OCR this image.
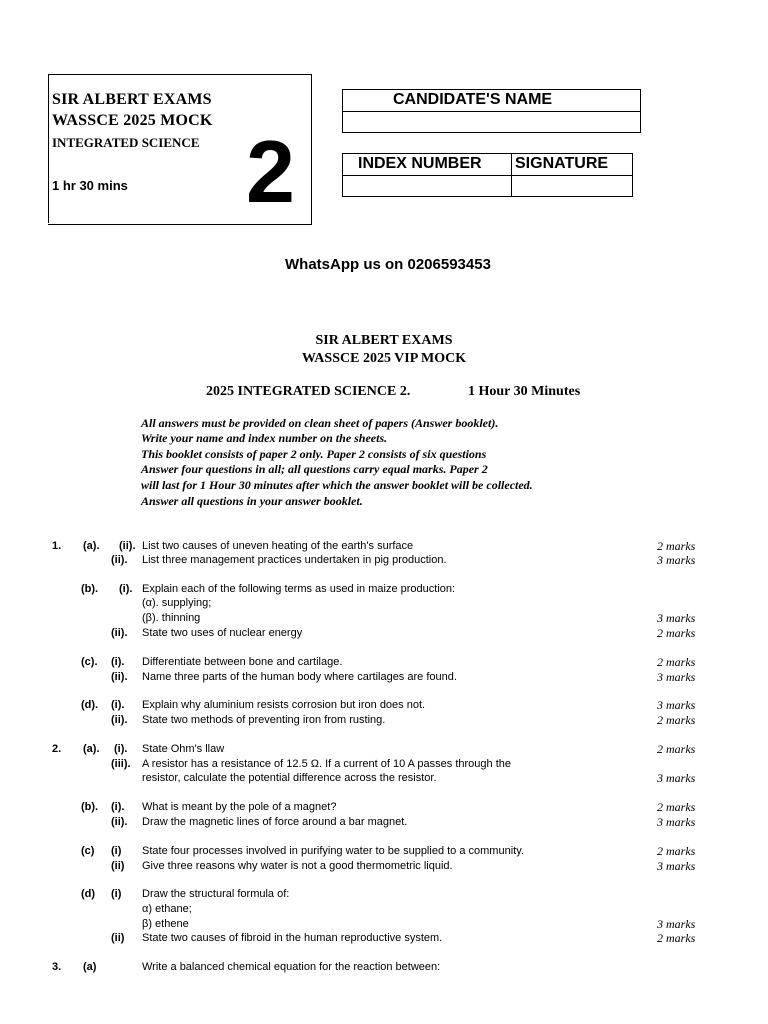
SIR ALBERT EXAMS
WASSCE 2025 MOCK
INTEGRATED SCIENCE
1 hr 30 mins 2
CANDIDATE'S NAME
INDEX NUMBER SIGNATURE
WhatsApp us on 0206593453
SIR ALBERT EXAMS
WASSCE 2025 VIP MOCK
2025 INTEGRATED SCIENCE 2.	1 Hour 30 Minutes
All answers must be provided on clean sheet of papers (Answer booklet).
Write your name and index number on the sheets.
This booklet consists of paper 2 only. Paper 2 consists of six questions
Answer four questions in all; all questions carry equal marks. Paper 2
will last for 1 Hour 30 minutes after which the answer booklet will be collected.
Answer all questions in your answer booklet.
1. (a). (ii). List two causes of uneven heating of the earth's surface
(ii). List three management practices undertaken in pig production.
(b). (i). Explain each of the following terms as used in maize production:
(α). supplying;
(β). thinning
(ii). State two uses of nuclear energy
(c). (i). Differentiate between bone and cartilage.
(ii). Name three parts of the human body where cartilages are found.
(d). (i). Explain why aluminium resists corrosion but iron does not.
(ii). State two methods of preventing iron from rusting.
2. (a). (i). State Ohm's llaw
(iii). A resistor has a resistance of 12.5 Ω. If a current of 10 A passes through the
resistor, calculate the potential difference across the resistor.
(b). (i). What is meant by the pole of a magnet?
(ii). Draw the magnetic lines of force around a bar magnet.
(c) (i) State four processes involved in purifying water to be supplied to a community.
(ii) Give three reasons why water is not a good thermometric liquid.
(d) (i) Draw the structural formula of:
α) ethane;
β) ethene
(ii) State two causes of fibroid in the human reproductive system.
3. (a)	Write a balanced chemical equation for the reaction between:
2 marks
3 marks
3 marks
2 marks
2 marks
3 marks
3 marks
2 marks
2 marks
3 marks
2 marks
3 marks
2 marks
3 marks
3 marks
2 marks
